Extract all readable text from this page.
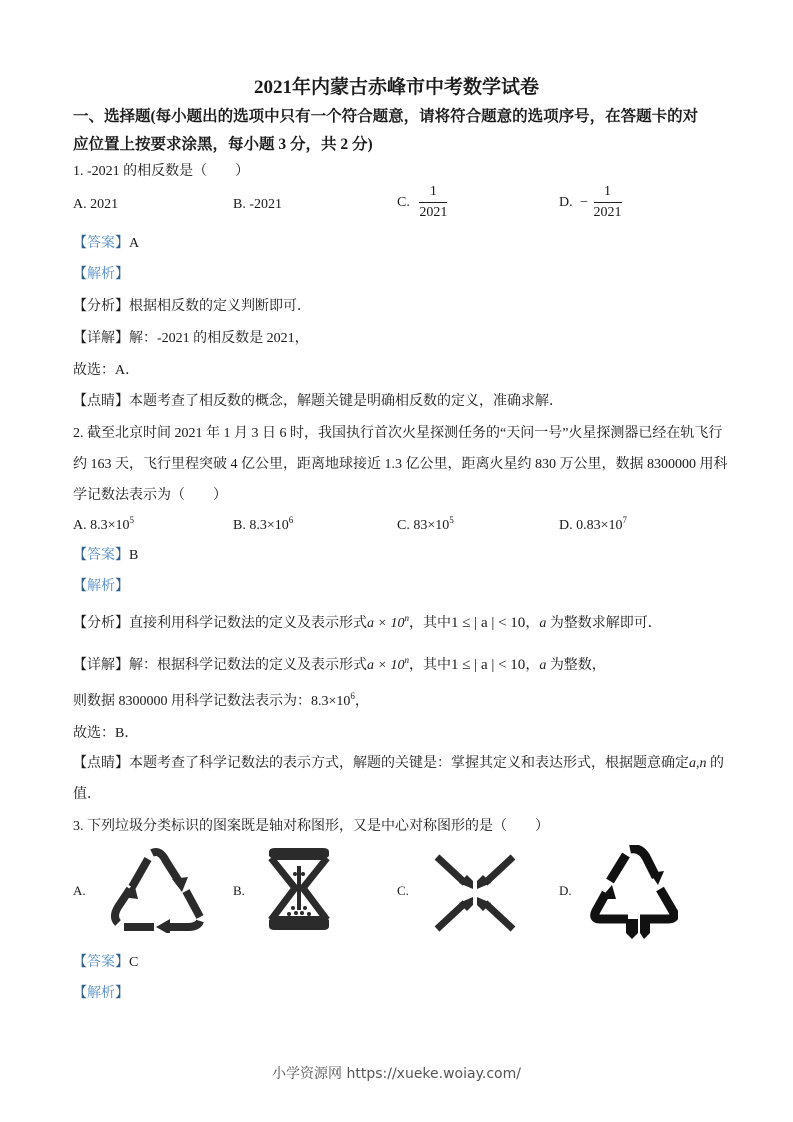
2021年内蒙古赤峰市中考数学试卷
一、选择题(每小题出的选项中只有一个符合题意，请将符合题意的选项序号，在答题卡的对
应位置上按要求涂黑，每小题 3 分，共 2 分)
1. -2021 的相反数是（　　）
A. 2021	B. -2021	C. $\frac{1}{2021}$	D. − $\frac{1}{2021}$
【答案】A
【解析】
【分析】根据相反数的定义判断即可．
【详解】解：-2021 的相反数是 2021，
故选：A．
【点睛】本题考查了相反数的概念，解题关键是明确相反数的定义，准确求解．
2. 截至北京时间 2021 年 1 月 3 日 6 时，我国执行首次火星探测任务的“天问一号”火星探测器已经在轨飞行
约 163 天，飞行里程突破 4 亿公里，距离地球接近 1.3 亿公里，距离火星约 830 万公里，数据 8300000 用科
学记数法表示为（　　）
A. $8.3\times 10^5$	B. $8.3\times 10^6$	C. $83\times 10^5$	D. $0.83\times 10^7$
【答案】B
【解析】
【分析】直接利用科学记数法的定义及表示形式$a \times 10^n$，其中1 ≤ | a | < 10，a 为整数求解即可．
【详解】解：根据科学记数法的定义及表示形式$a \times 10^n$，其中1 ≤ | a | < 10，a 为整数，
则数据 8300000 用科学记数法表示为：$8.3\times 10^6$，
故选：B．
【点睛】本题考查了科学记数法的表示方式，解题的关键是：掌握其定义和表达形式，根据题意确定a,n 的
值．
3. 下列垃圾分类标识的图案既是轴对称图形，又是中心对称图形的是（　　）
A.	B.	C.	D.
【答案】C
【解析】
小学资源网 https://xueke.woiay.com/
